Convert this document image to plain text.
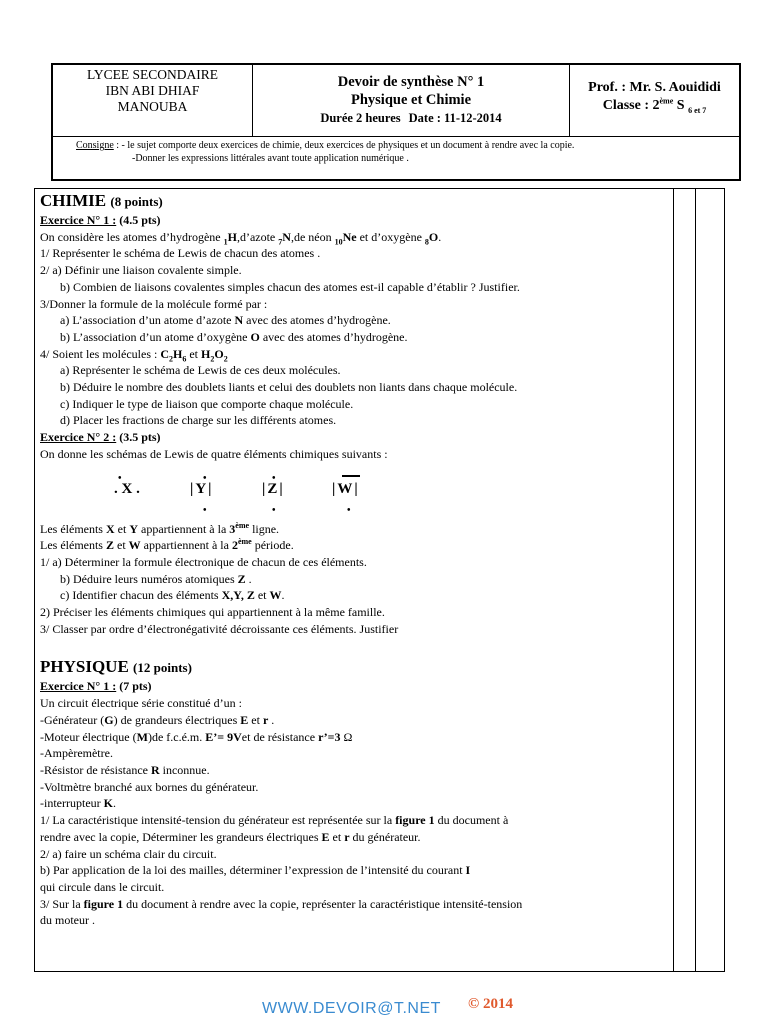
LYCEE SECONDAIRE
IBN ABI DHIAF
MANOUBA
Devoir de synthèse N° 1
Physique et Chimie
Durée 2 heures Date : 11-12-2014
Prof. : Mr. S. Aouididi
Classe : 2ème S $_{6 et 7}$
Consigne : - le sujet comporte deux exercices de chimie, deux exercices de physiques et un document à rendre avec la copie.
-Donner les expressions littérales avant toute application numérique .
CHIMIE (8 points)
Exercice N° 1 : (4.5 pts)
On considère les atomes d’hydrogène $_1$H,d’azote $_7$N,de néon $_{10}$Ne et d’oxygène $_8$O.
1/ Représenter le schéma de Lewis de chacun des atomes .
2/ a) Définir une liaison covalente simple.
b) Combien de liaisons covalentes simples chacun des atomes est-il capable d’établir ? Justifier.
3/Donner la formule de la molécule formé par :
a) L’association d’un atome d’azote N avec des atomes d’hydrogène.
b) L’association d’un atome d’oxygène O avec des atomes d’hydrogène.
4/ Soient les molécules : $C_2H_6$ et $H_2O_2$
a) Représenter le schéma de Lewis de ces deux molécules.
b) Déduire le nombre des doublets liants et celui des doublets non liants dans chaque molécule.
c) Indiquer le type de liaison que comporte chaque molécule.
d) Placer les fractions de charge sur les différents atomes.
Exercice N° 2 : (3.5 pts)
On donne les schémas de Lewis de quatre éléments chimiques suivants :
•
. X .
•
| Y |
•
•
| Z |
•
| W |
•
Les éléments X et Y appartiennent à la 3ème ligne.
Les éléments Z et W appartiennent à la 2ème période.
1/ a) Déterminer la formule électronique de chacun de ces éléments.
b) Déduire leurs numéros atomiques Z .
c) Identifier chacun des éléments X,Y, Z et W.
2) Préciser les éléments chimiques qui appartiennent à la même famille.
3/ Classer par ordre d’électronégativité décroissante ces éléments. Justifier
PHYSIQUE (12 points)
Exercice N° 1 : (7 pts)
Un circuit électrique série constitué d’un :
-Générateur (G) de grandeurs électriques E et r .
-Moteur électrique (M)de f.c.é.m. E’= 9Vet de résistance r’=3 Ω
-Ampèremètre.
-Résistor de résistance R inconnue.
-Voltmètre branché aux bornes du générateur.
-interrupteur K.
1/ La caractéristique intensité-tension du générateur est représentée sur la figure 1 du document à
rendre avec la copie, Déterminer les grandeurs électriques E et r du générateur.
2/ a) faire un schéma clair du circuit.
b) Par application de la loi des mailles, déterminer l’expression de l’intensité du courant I
qui circule dans le circuit.
3/ Sur la figure 1 du document à rendre avec la copie, représenter la caractéristique intensité-tension
du moteur .
WWW.DEVOIR@T.NET © 2014
